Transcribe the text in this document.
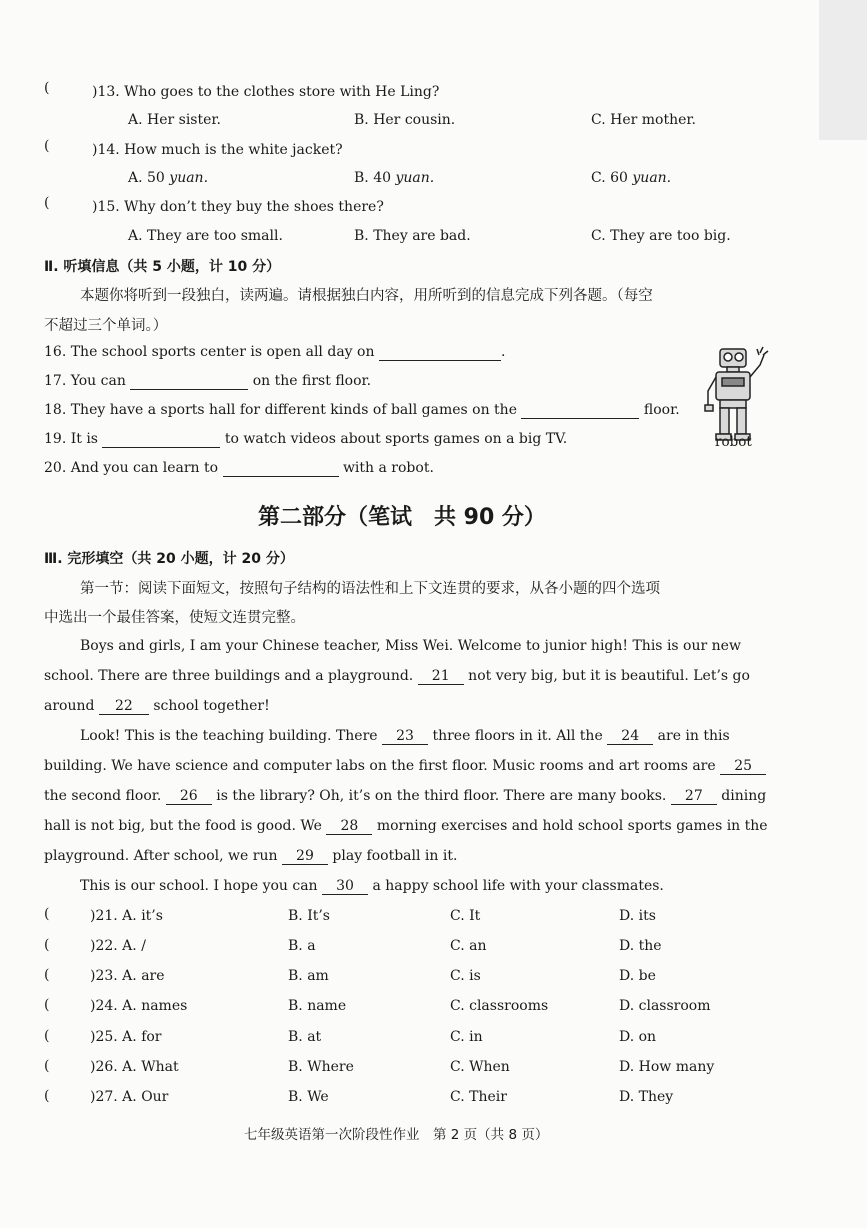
(	)13. Who goes to the clothes store with He Ling?
A. Her sister.	B. Her cousin.	C. Her mother.
(	)14. How much is the white jacket?
A. 50 yuan.	B. 40 yuan.	C. 60 yuan.
(	)15. Why don’t they buy the shoes there?
A. They are too small.	B. They are bad.	C. They are too big.
Ⅱ. 听填信息（共 5 小题，计 10 分）
本题你将听到一段独白，读两遍。请根据独白内容，用所听到的信息完成下列各题。（每空
不超过三个单词。）
16. The school sports center is open all day on	.
17. You can	on the first floor.
18. They have a sports hall for different kinds of ball games on the	floor.
19. It is	to watch videos about sports games on a big TV.
20. And you can learn to	with a robot.
robot
第二部分（笔试　共 90 分）
Ⅲ. 完形填空（共 20 小题，计 20 分）
第一节：阅读下面短文，按照句子结构的语法性和上下文连贯的要求，从各小题的四个选项
中选出一个最佳答案，使短文连贯完整。
Boys and girls, I am your Chinese teacher, Miss Wei. Welcome to junior high! This is our new
school. There are three buildings and a playground. 21 not very big, but it is beautiful. Let’s go
around 22 school together!
Look! This is the teaching building. There 23 three floors in it. All the 24 are in this
building. We have science and computer labs on the first floor. Music rooms and art rooms are 25
the second floor. 26 is the library? Oh, it’s on the third floor. There are many books. 27 dining
hall is not big, but the food is good. We 28 morning exercises and hold school sports games in the
playground. After school, we run 29 play football in it.
This is our school. I hope you can 30 a happy school life with your classmates.
(	)21. A. it’s	B. It’s	C. It	D. its
(	)22. A. /	B. a	C. an	D. the
(	)23. A. are	B. am	C. is	D. be
(	)24. A. names	B. name	C. classrooms	D. classroom
(	)25. A. for	B. at	C. in	D. on
(	)26. A. What	B. Where	C. When	D. How many
(	)27. A. Our	B. We	C. Their	D. They
七年级英语第一次阶段性作业　第 2 页（共 8 页）
